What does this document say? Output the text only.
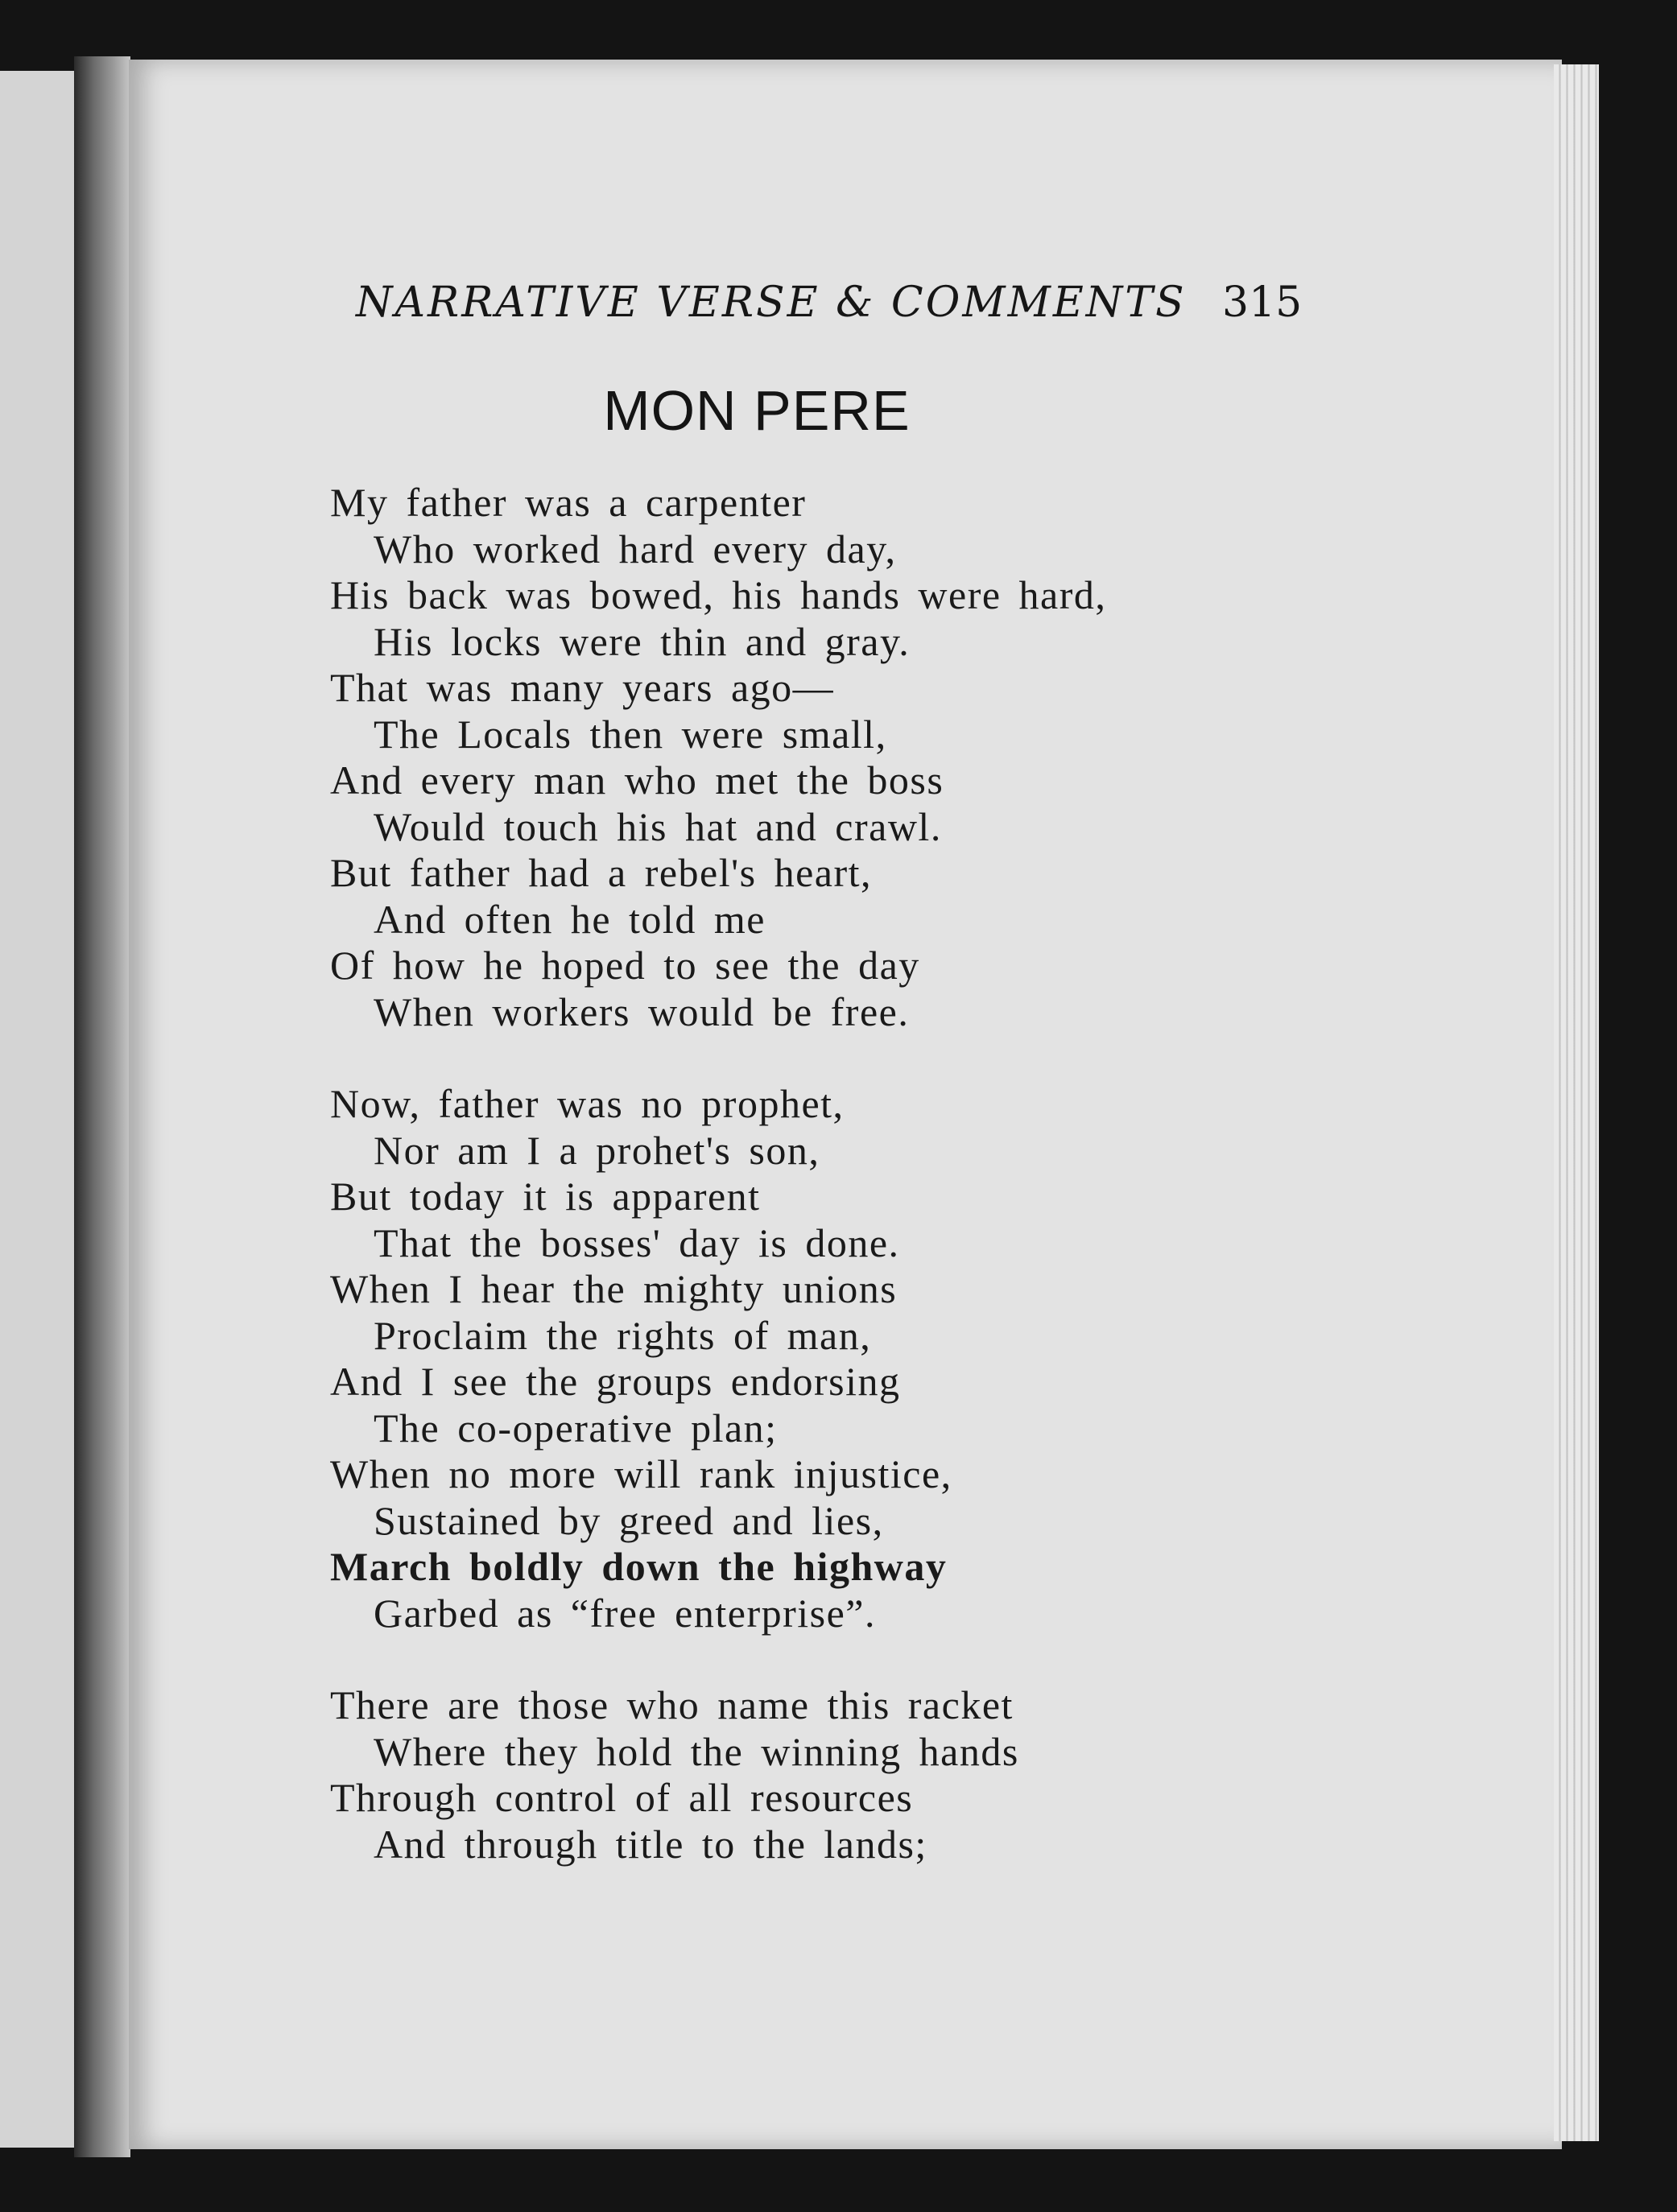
NARRATIVE VERSE & COMMENTS 315
MON PERE
My father was a carpenter
Who worked hard every day,
His back was bowed, his hands were hard,
His locks were thin and gray.
That was many years ago—
The Locals then were small,
And every man who met the boss
Would touch his hat and crawl.
But father had a rebel's heart,
And often he told me
Of how he hoped to see the day
When workers would be free.
Now, father was no prophet,
Nor am I a prohet's son,
But today it is apparent
That the bosses' day is done.
When I hear the mighty unions
Proclaim the rights of man,
And I see the groups endorsing
The co-operative plan;
When no more will rank injustice,
Sustained by greed and lies,
March boldly down the highway
Garbed as “free enterprise”.
There are those who name this racket
Where they hold the winning hands
Through control of all resources
And through title to the lands;
